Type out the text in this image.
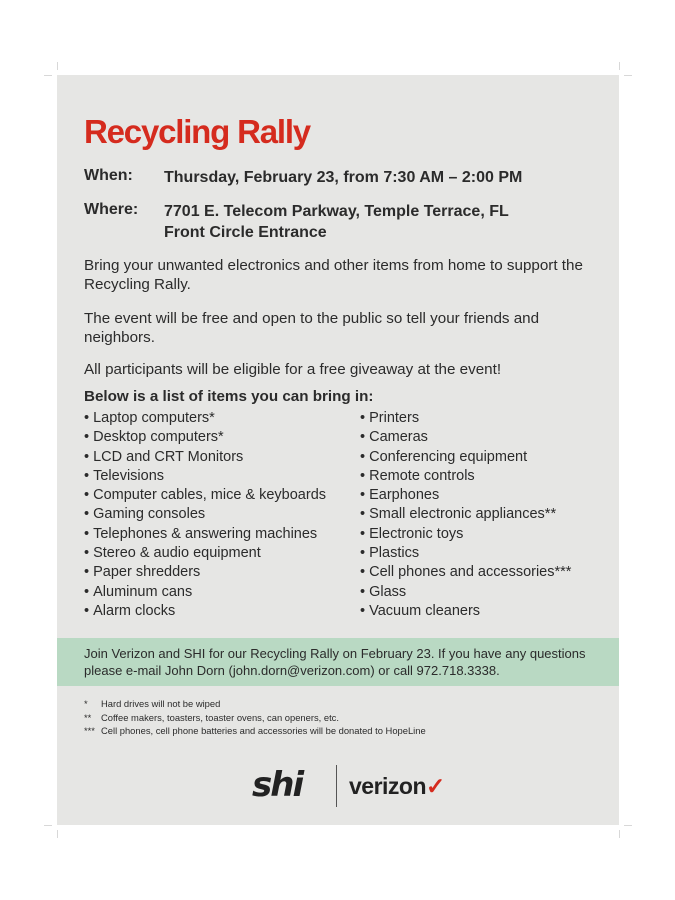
Recycling Rally
When: Thursday, February 23, from 7:30 AM – 2:00 PM
Where: 7701 E. Telecom Parkway, Temple Terrace, FL
Front Circle Entrance

Bring your unwanted electronics and other items from home to support the Recycling Rally.

The event will be free and open to the public so tell your friends and neighbors.

All participants will be eligible for a free giveaway at the event!

Below is a list of items you can bring in:

• Laptop computers*
• Desktop computers*
• LCD and CRT Monitors
• Televisions
• Computer cables, mice & keyboards
• Gaming consoles
• Telephones & answering machines
• Stereo & audio equipment
• Paper shredders
• Aluminum cans
• Alarm clocks
• Printers
• Cameras
• Conferencing equipment
• Remote controls
• Earphones
• Small electronic appliances**
• Electronic toys
• Plastics
• Cell phones and accessories***
• Glass
• Vacuum cleaners

Join Verizon and SHI for our Recycling Rally on February 23. If you have any questions please e-mail John Dorn (john.dorn@verizon.com) or call 972.718.3338.

* Hard drives will not be wiped
** Coffee makers, toasters, toaster ovens, can openers, etc.
*** Cell phones, cell phone batteries and accessories will be donated to HopeLine
shi verizon✓
